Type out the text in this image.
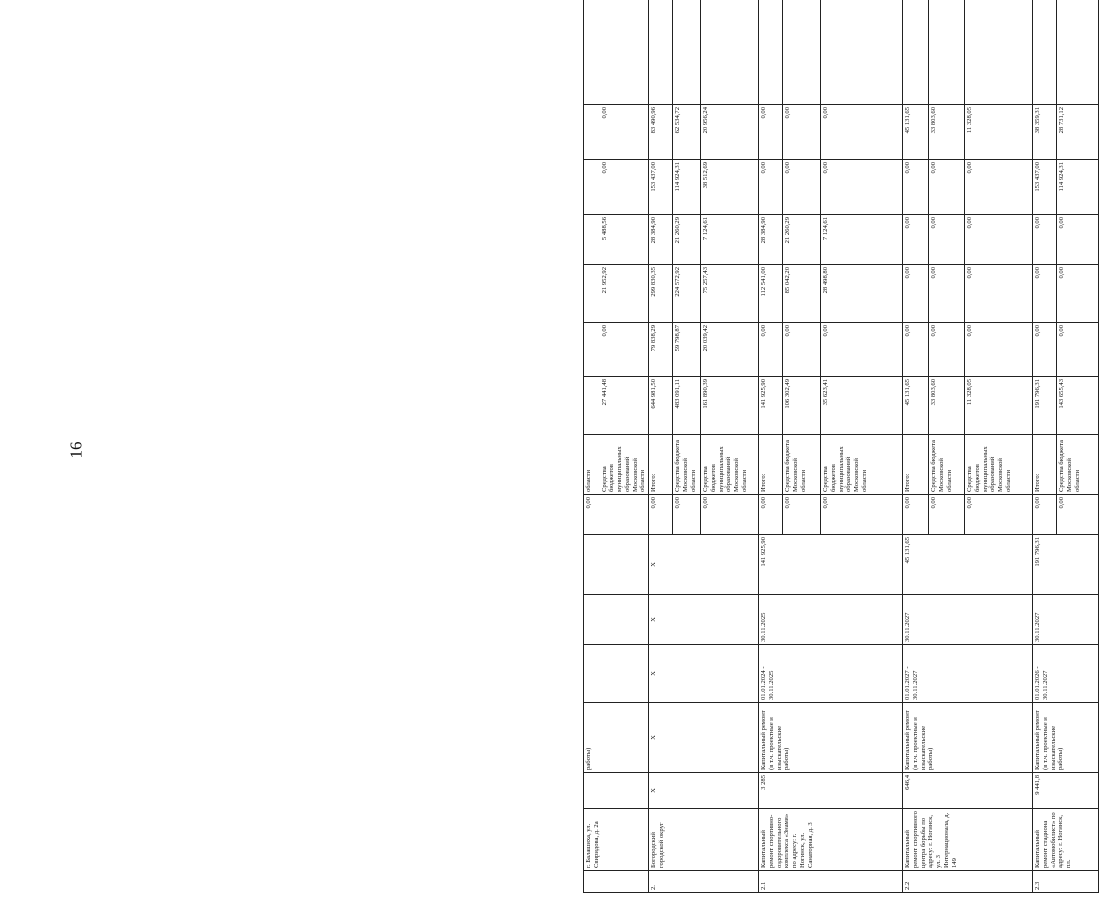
16
	г. Балашиха, ул. Свиридова, д. 2а		работы)				0,00	области Средства бюджетов муниципальных образований Московской области	27 441,48	0,00	21 952,92	5 488,56	0,00	0,00	

2.	Богородский городской округ	X	X	X	X	X	0,00	Итого:	644 981,50	79 838,29	299 830,35	28 384,90	153 437,00	83 490,96	
							0,00	Средства бюджета Московской области	483 091,11	59 798,87	224 572,92	21 260,29	114 924,31	62 534,72	
							0,00	Средства бюджетов муниципальных образований Московской области	161 890,39	20 039,42	75 257,43	7 124,61	38 512,69	20 956,24	
2.1	Капитальный ремонт спортивно-оздоровительного комплекса «Знамя» по адресу: г. Ногинск, ул. Санаторная, д. 3	3 285	Капитальный ремонт (в т.ч. проектные и изыскательские работы)	01.01.2024 - 30.11.2025	30.11.2025	141 925,90	0,00	Итого:	141 925,90	0,00	112 541,00	28 384,90	0,00	0,00	
							0,00	Средства бюджета Московской области	106 302,49	0,00	85 042,20	21 260,29	0,00	0,00	
							0,00	Средства бюджетов муниципальных образований Московской области	35 623,41	0,00	28 498,80	7 124,61	0,00	0,00	
2.2	Капитальный ремонт спортивного центра борьбы по адресу: г. Ногинск, ул. 3 Интернационала, д. 149	646,4	Капитальный ремонт (в т.ч. проектные и изыскательские работы)	01.01.2027 - 30.11.2027	30.11.2027	45 131,65	0,00	Итого:	45 131,65	0,00	0,00	0,00	0,00	45 131,65	
							0,00	Средства бюджета Московской области	33 803,60	0,00	0,00	0,00	0,00	33 803,60	
							0,00	Средства бюджетов муниципальных образований Московской области	11 328,05	0,00	0,00	0,00	0,00	11 328,05	
2.3	Капитальный ремонт стадиона «Автомобилист» по адресу: г. Ногинск, пл.	9 441,8	Капитальный ремонт (в т.ч. проектные и изыскательские работы)	01.01.2026 - 30.11.2027	30.11.2027	191 796,31	0,00	Итого:	191 796,31	0,00	0,00	0,00	153 437,00	38 359,31	
							0,00	Средства бюджета Московской области	143 655,43	0,00	0,00	0,00	114 924,31	28 731,12	
